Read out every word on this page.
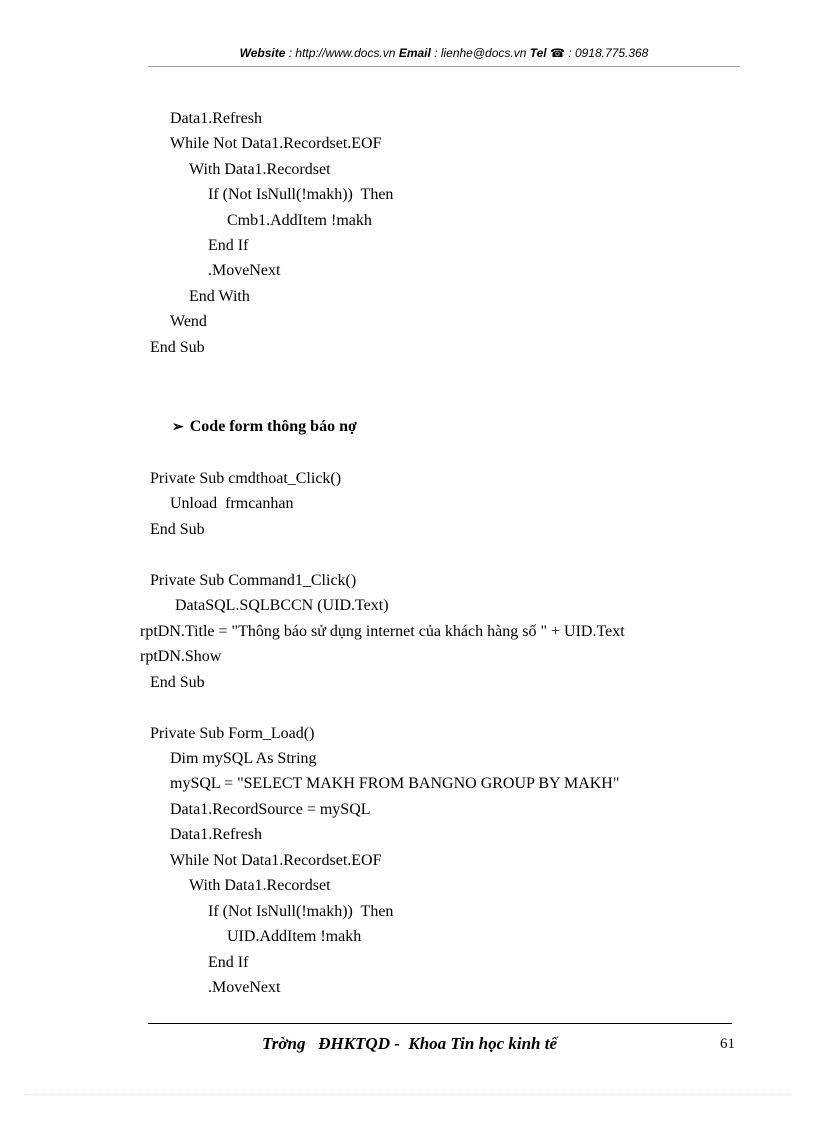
Website : http://www.docs.vn Email : lienhe@docs.vn Tel ☎ : 0918.775.368
Data1.Refresh
While Not Data1.Recordset.EOF
With Data1.Recordset
If (Not IsNull(!makh))  Then
Cmb1.AddItem !makh
End If
.MoveNext
End With
Wend
End Sub
➢ Code form thông báo nợ
Private Sub cmdthoat_Click()
Unload  frmcanhan
End Sub
Private Sub Command1_Click()
DataSQL.SQLBCCN (UID.Text)
rptDN.Title = "Thông báo sử dụng internet của khách hàng số " + UID.Text
rptDN.Show
End Sub
Private Sub Form_Load()
Dim mySQL As String
mySQL = "SELECT MAKH FROM BANGNO GROUP BY MAKH"
Data1.RecordSource = mySQL
Data1.Refresh
While Not Data1.Recordset.EOF
With Data1.Recordset
If (Not IsNull(!makh))  Then
UID.AddItem !makh
End If
.MoveNext
Trờng   ĐHKTQD -  Khoa Tin học kinh tế	61
